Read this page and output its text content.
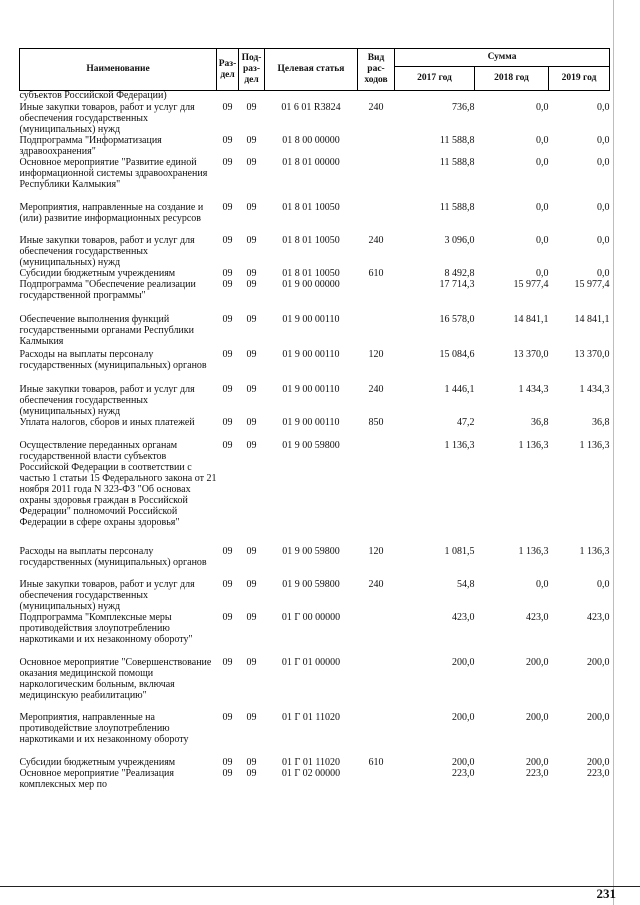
Наименование	Раз-дел	Под-раз-дел	Целевая статья	Вид рас-ходов	Сумма		
					2017 год	2018 год	2019 год
субъектов Российской Федерации)							
Иные закупки товаров, работ и услуг для обеспечения государственных (муниципальных) нужд	09	09	01 6 01 R3824	240	736,8	0,0	0,0
Подпрограмма "Информатизация здравоохранения"	09	09	01 8 00 00000		11 588,8	0,0	0,0
Основное мероприятие "Развитие единой информационной системы здравоохранения Республики Калмыкия"	09	09	01 8 01 00000		11 588,8	0,0	0,0
Мероприятия, направленные на создание и (или) развитие информационных ресурсов	09	09	01 8 01 10050		11 588,8	0,0	0,0
Иные закупки товаров, работ и услуг для обеспечения государственных (муниципальных) нужд	09	09	01 8 01 10050	240	3 096,0	0,0	0,0
Субсидии бюджетным учреждениям	09	09	01 8 01 10050	610	8 492,8	0,0	0,0
Подпрограмма "Обеспечение реализации государственной программы"	09	09	01 9 00 00000		17 714,3	15 977,4	15 977,4
Обеспечение выполнения функций государственными органами Республики Калмыкия	09	09	01 9 00 00110		16 578,0	14 841,1	14 841,1
Расходы на выплаты персоналу государственных (муниципальных) органов	09	09	01 9 00 00110	120	15 084,6	13 370,0	13 370,0
Иные закупки товаров, работ и услуг для обеспечения государственных (муниципальных) нужд	09	09	01 9 00 00110	240	1 446,1	1 434,3	1 434,3
Уплата налогов, сборов и иных платежей	09	09	01 9 00 00110	850	47,2	36,8	36,8
Осуществление переданных органам государственной власти субъектов Российской Федерации в соответствии с частью 1 статьи 15 Федерального закона от 21 ноября 2011 года N 323-ФЗ "Об основах охраны здоровья граждан в Российской Федерации" полномочий Российской Федерации в сфере охраны здоровья"	09	09	01 9 00 59800		1 136,3	1 136,3	1 136,3
Расходы на выплаты персоналу государственных (муниципальных) органов	09	09	01 9 00 59800	120	1 081,5	1 136,3	1 136,3
Иные закупки товаров, работ и услуг для обеспечения государственных (муниципальных) нужд	09	09	01 9 00 59800	240	54,8	0,0	0,0
Подпрограмма "Комплексные меры противодействия злоупотреблению наркотиками и их незаконному обороту"	09	09	01 Г 00 00000		423,0	423,0	423,0
Основное мероприятие "Совершенствование оказания медицинской помощи наркологическим больным, включая медицинскую реабилитацию"	09	09	01 Г 01 00000		200,0	200,0	200,0
Мероприятия, направленные на противодействие злоупотреблению наркотиками и их незаконному обороту	09	09	01 Г 01 11020		200,0	200,0	200,0
Субсидии бюджетным учреждениям	09	09	01 Г 01 11020	610	200,0	200,0	200,0
Основное мероприятие "Реализация комплексных мер по	09	09	01 Г 02 00000		223,0	223,0	223,0
231
